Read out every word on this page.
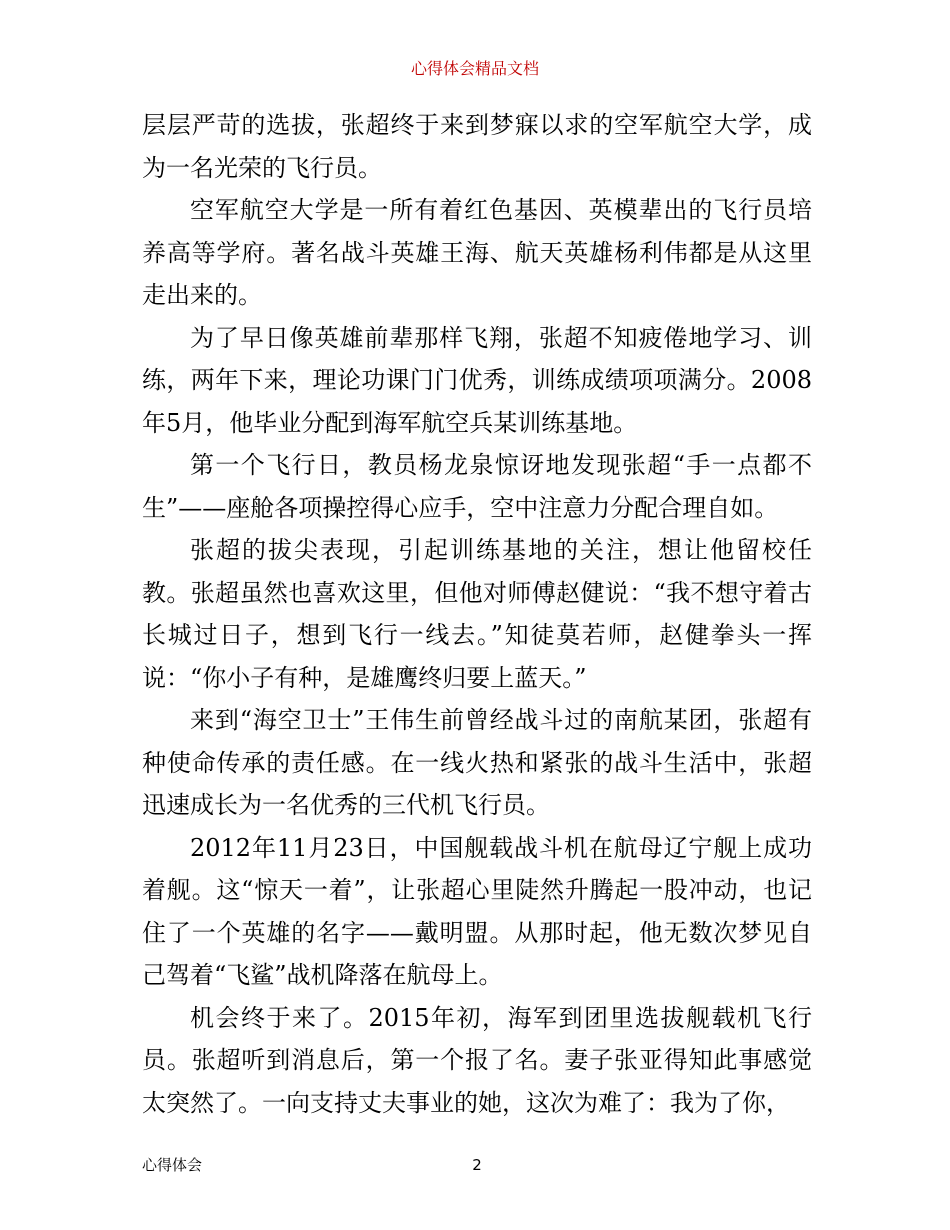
心得体会精品文档

层层严苛的选拔，张超终于来到梦寐以求的空军航空大学，成为一名光荣的飞行员。

空军航空大学是一所有着红色基因、英模辈出的飞行员培养高等学府。著名战斗英雄王海、航天英雄杨利伟都是从这里走出来的。

为了早日像英雄前辈那样飞翔，张超不知疲倦地学习、训练，两年下来，理论功课门门优秀，训练成绩项项满分。2008年5月，他毕业分配到海军航空兵某训练基地。

第一个飞行日，教员杨龙泉惊讶地发现张超“手一点都不生”——座舱各项操控得心应手，空中注意力分配合理自如。

张超的拔尖表现，引起训练基地的关注，想让他留校任教。张超虽然也喜欢这里，但他对师傅赵健说：“我不想守着古长城过日子，想到飞行一线去。”知徒莫若师，赵健拳头一挥说：“你小子有种，是雄鹰终归要上蓝天。”

来到“海空卫士”王伟生前曾经战斗过的南航某团，张超有种使命传承的责任感。在一线火热和紧张的战斗生活中，张超迅速成长为一名优秀的三代机飞行员。

2012年11月23日，中国舰载战斗机在航母辽宁舰上成功着舰。这“惊天一着”，让张超心里陡然升腾起一股冲动，也记住了一个英雄的名字——戴明盟。从那时起，他无数次梦见自己驾着“飞鲨”战机降落在航母上。

机会终于来了。2015年初，海军到团里选拔舰载机飞行员。张超听到消息后，第一个报了名。妻子张亚得知此事感觉太突然了。一向支持丈夫事业的她，这次为难了：我为了你，

心得体会	2
